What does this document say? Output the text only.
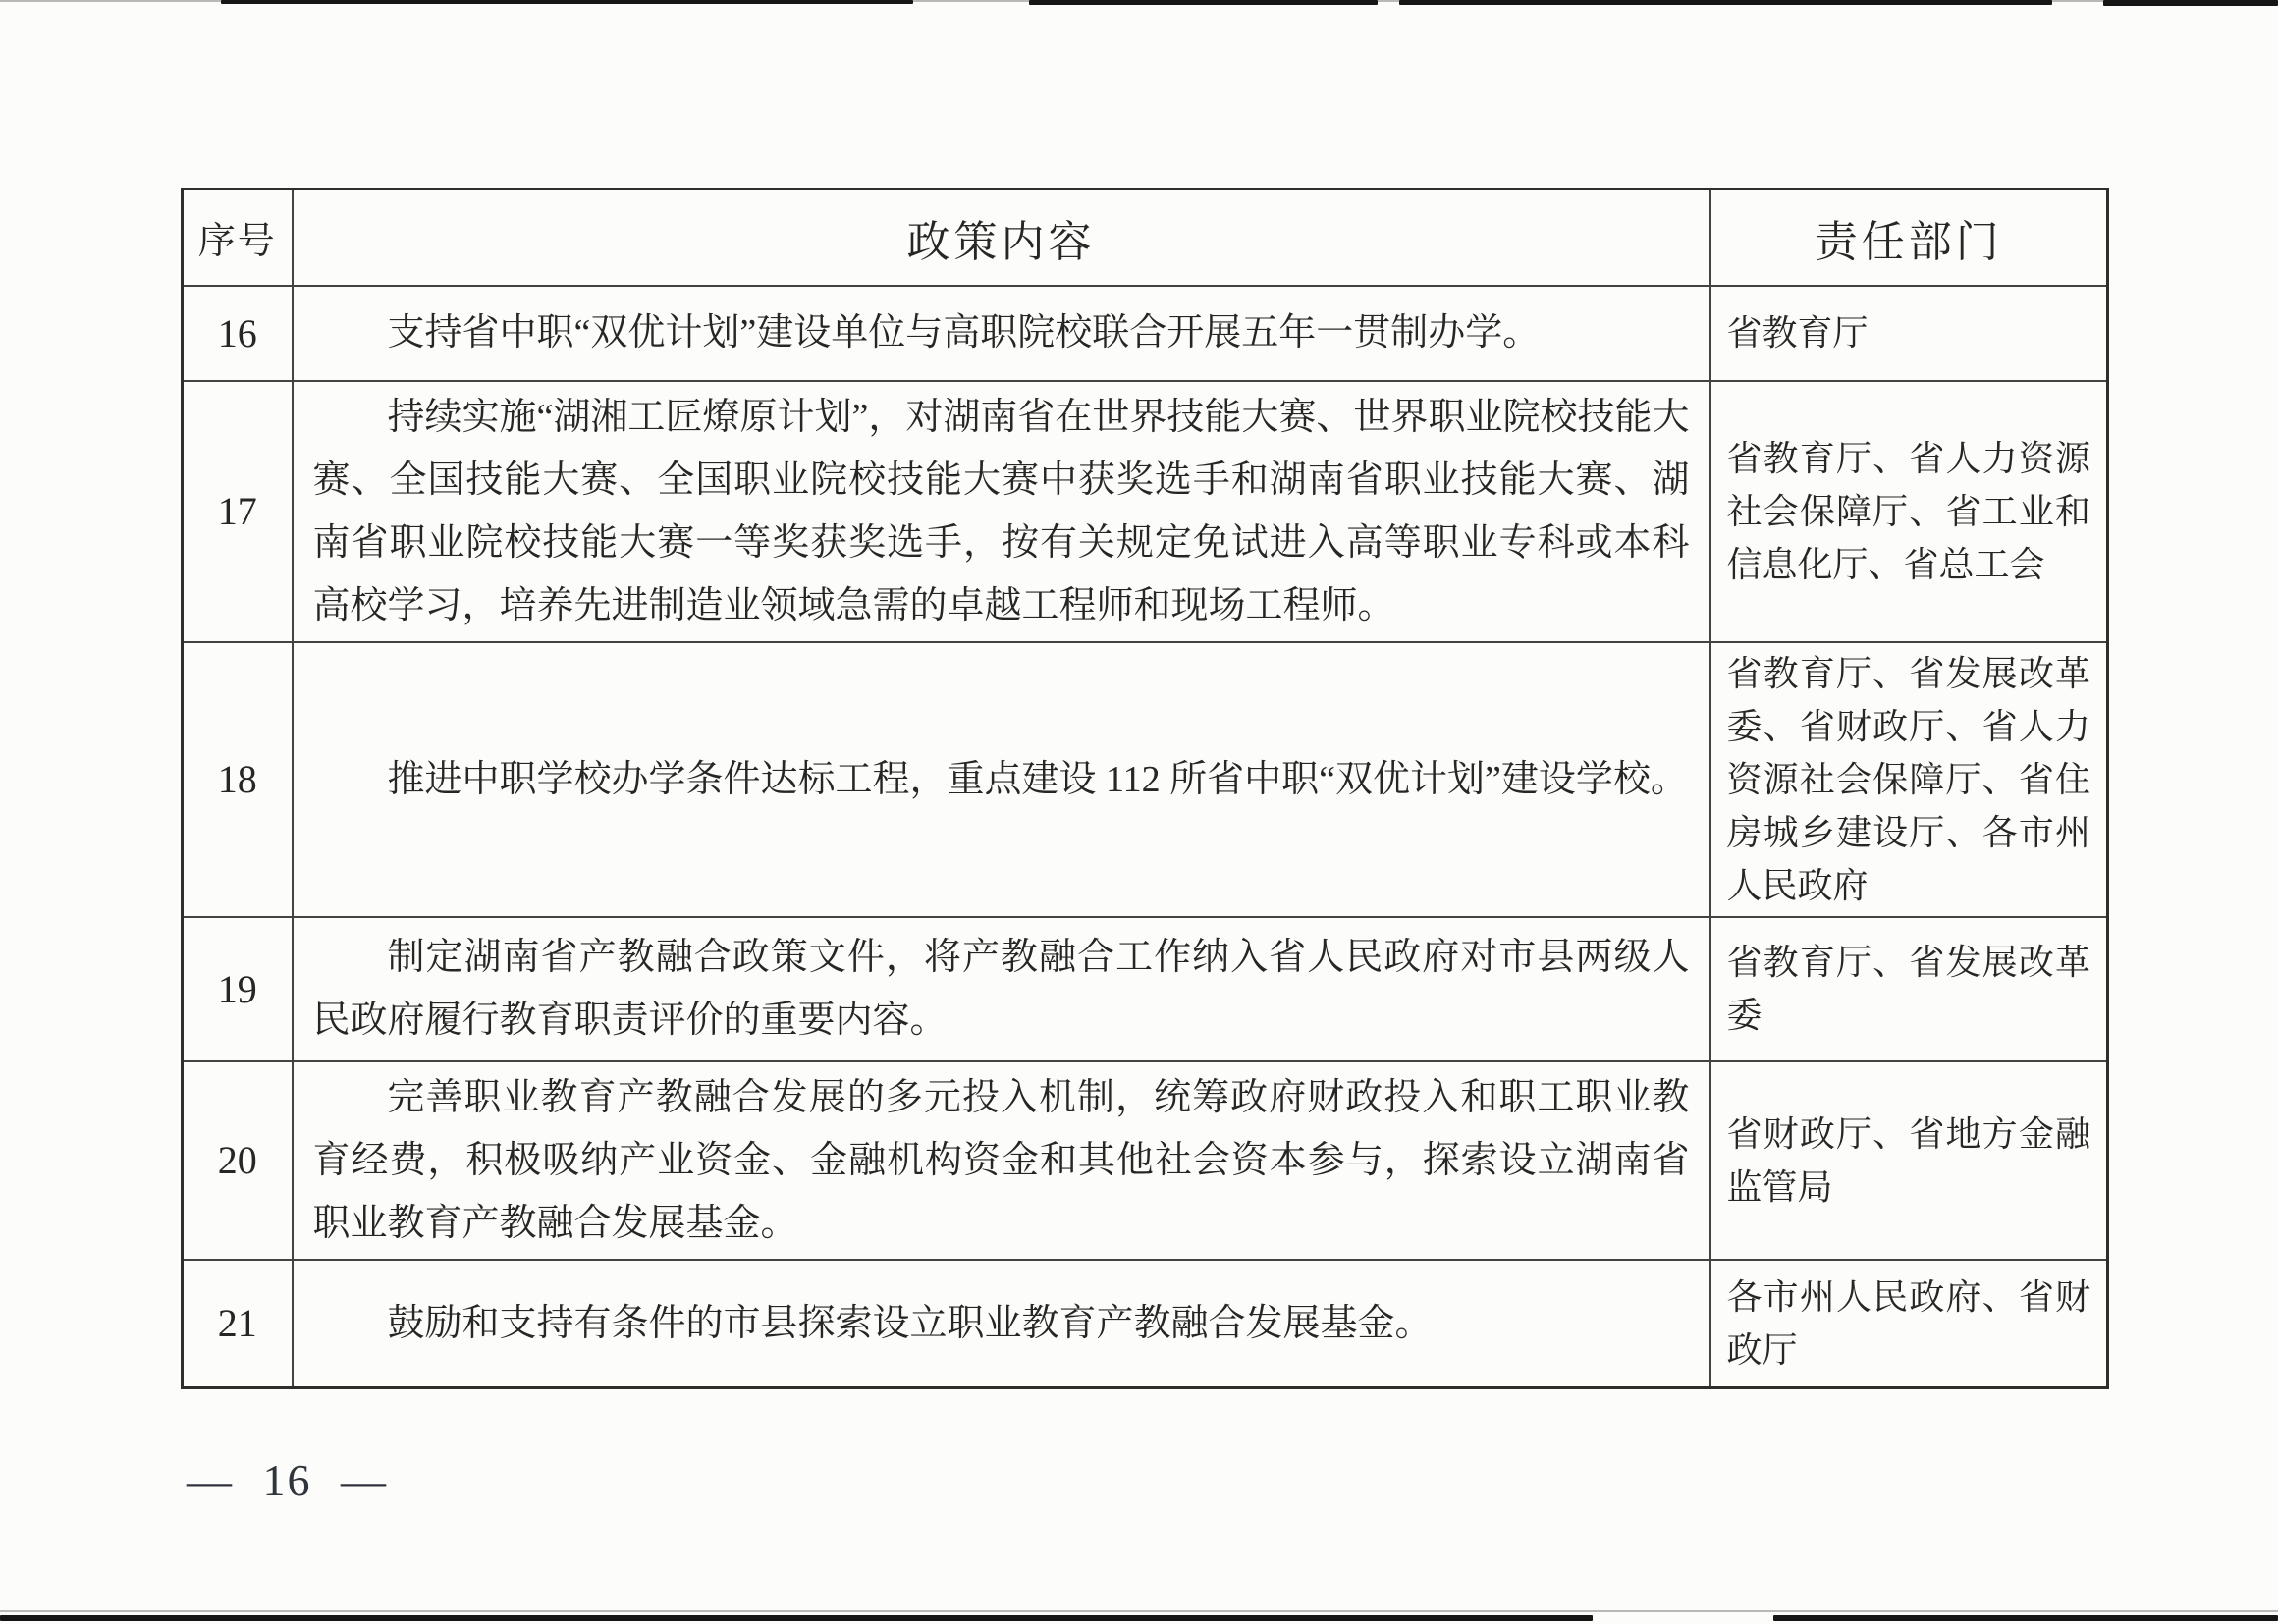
序号	政策内容	责任部门
16	支持省中职“双优计划”建设单位与高职院校联合开展五年一贯制办学。	省教育厅
17	持续实施“湖湘工匠燎原计划”，对湖南省在世界技能大赛、世界职业院校技能大赛、全国技能大赛、全国职业院校技能大赛中获奖选手和湖南省职业技能大赛、湖南省职业院校技能大赛一等奖获奖选手，按有关规定免试进入高等职业专科或本科高校学习，培养先进制造业领域急需的卓越工程师和现场工程师。	省教育厅、省人力资源社会保障厅、省工业和信息化厅、省总工会
18	推进中职学校办学条件达标工程，重点建设 112 所省中职“双优计划”建设学校。	省教育厅、省发展改革委、省财政厅、省人力资源社会保障厅、省住房城乡建设厅、各市州人民政府
19	制定湖南省产教融合政策文件，将产教融合工作纳入省人民政府对市县两级人民政府履行教育职责评价的重要内容。	省教育厅、省发展改革委
20	完善职业教育产教融合发展的多元投入机制，统筹政府财政投入和职工职业教育经费，积极吸纳产业资金、金融机构资金和其他社会资本参与，探索设立湖南省职业教育产教融合发展基金。	省财政厅、省地方金融监管局
21	鼓励和支持有条件的市县探索设立职业教育产教融合发展基金。	各市州人民政府、省财政厅
— 16 —
